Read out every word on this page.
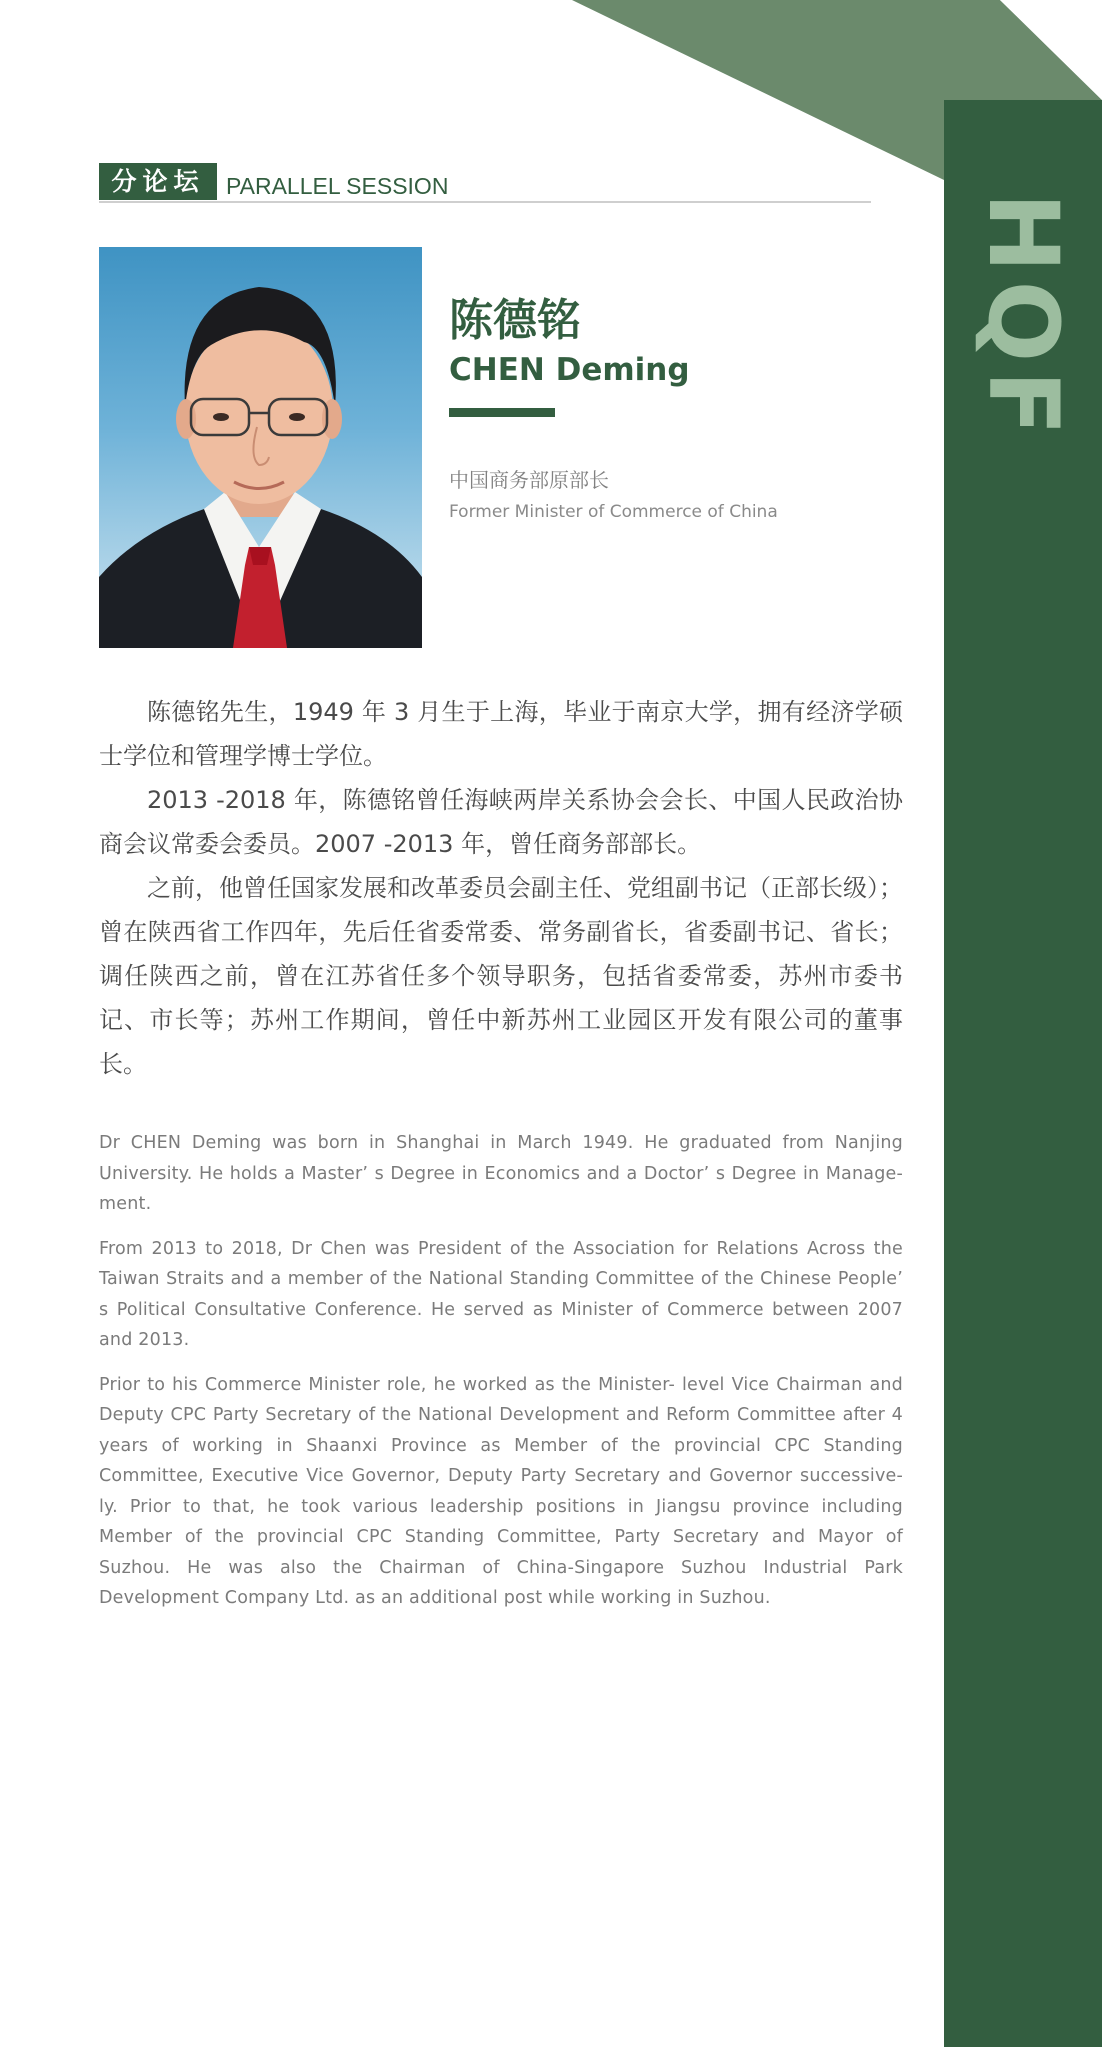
HQF
分论坛 PARALLEL SESSION
陈德铭
CHEN Deming
中国商务部原部长
Former Minister of Commerce of China

陈德铭先生，1949 年 3 月生于上海，毕业于南京大学，拥有经济学硕士学位和管理学博士学位。

2013 -2018 年，陈德铭曾任海峡两岸关系协会会长、中国人民政治协商会议常委会委员。2007 -2013 年，曾任商务部部长。

之前，他曾任国家发展和改革委员会副主任、党组副书记（正部长级）；曾在陕西省工作四年，先后任省委常委、常务副省长，省委副书记、省长；调任陕西之前，曾在江苏省任多个领导职务，包括省委常委，苏州市委书记、市长等；苏州工作期间，曾任中新苏州工业园区开发有限公司的董事长。

Dr CHEN Deming was born in Shanghai in March 1949. He graduated from Nanjing University. He holds a Master’ s Degree in Economics and a Doctor’ s Degree in Manage- ment.

From 2013 to 2018, Dr Chen was President of the Association for Relations Across the Taiwan Straits and a member of the National Standing Committee of the Chinese People’ s Political Consultative Conference. He served as Minister of Commerce between 2007 and 2013.

Prior to his Commerce Minister role, he worked as the Minister- level Vice Chairman and Deputy CPC Party Secretary of the National Development and Reform Committee after 4 years of working in Shaanxi Province as Member of the provincial CPC Standing Committee, Executive Vice Governor, Deputy Party Secretary and Governor successive- ly. Prior to that, he took various leadership positions in Jiangsu province including Member of the provincial CPC Standing Committee, Party Secretary and Mayor of Suzhou. He was also the Chairman of China-Singapore Suzhou Industrial Park Development Company Ltd. as an additional post while working in Suzhou.
